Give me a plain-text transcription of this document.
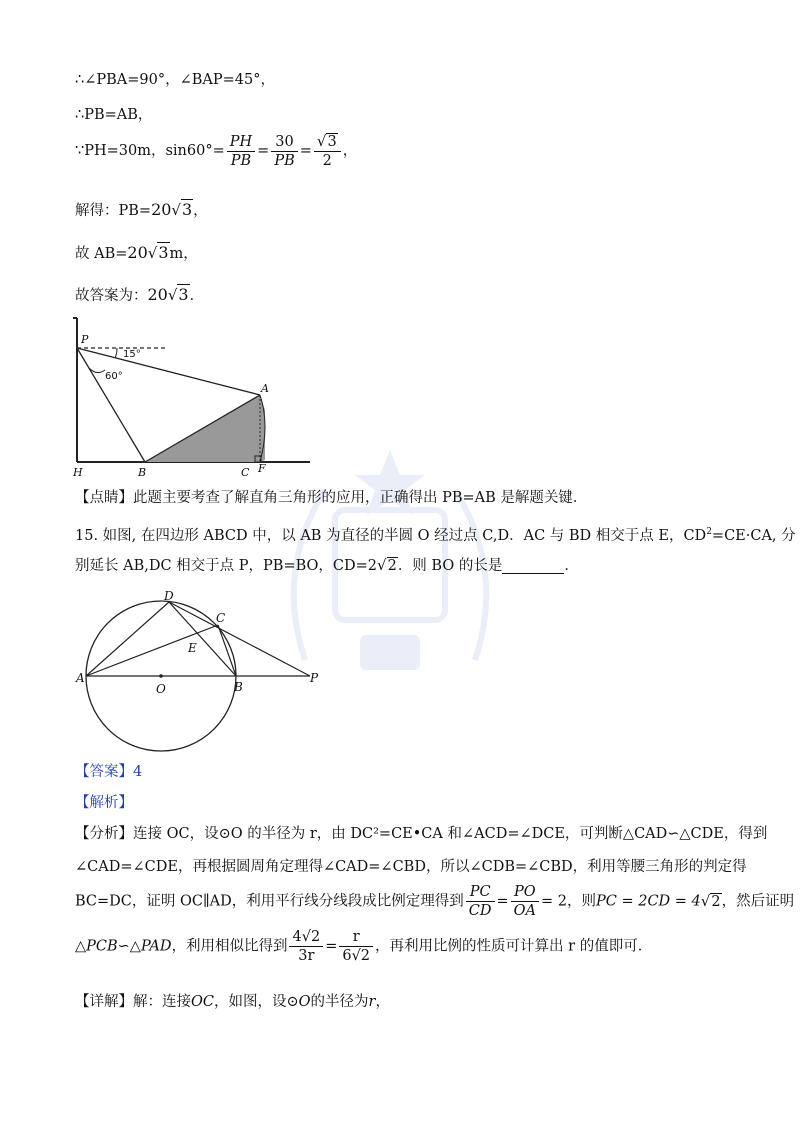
∴∠PBA=90°，∠BAP=45°，
∴PB=AB，
∵PH=30m，$\sin 60^\circ= \frac{PH}{PB} = \frac{30}{PB} = \frac{√3}{2}$ ，
解得：PB=20√3，
故 AB=20√3m，
故答案为：20√3．
P
A
H	B	C F
15°
60°
【点睛】此题主要考查了解直角三角形的应用，正确得出 PB=AB 是解题关键．
15. 如图, 在四边形 ABCD 中，以 AB 为直径的半圆 O 经过点 C,D．AC 与 BD 相交于点 E，$CD^2=CE\cdot CA$, 分
别延长 AB,DC 相交于点 P，PB=BO，CD=2√2．则 BO 的长是	．
D
C
E
A
O	B
P
【答案】4
【解析】
【分析】连接 OC，设⊙O 的半径为 r，由 DC²=CE•CA 和∠ACD=∠DCE，可判断△CAD∽△CDE，得到
∠CAD=∠CDE，再根据圆周角定理得∠CAD=∠CBD，所以∠CDB=∠CBD，利用等腰三角形的判定得
BC=DC，证明 OC∥AD，利用平行线分线段成比例定理得到 $\frac{PC}{CD} = \frac{PO}{OA} = 2$，则PC = 2CD = 4√2，然后证明
△PCB∽△PAD，利用相似比得到 $\frac{4√2}{3r} = \frac{r}{6√2}$ ，再利用比例的性质可计算出 r 的值即可．
【详解】解：连接OC，如图，设⊙O的半径为r，
